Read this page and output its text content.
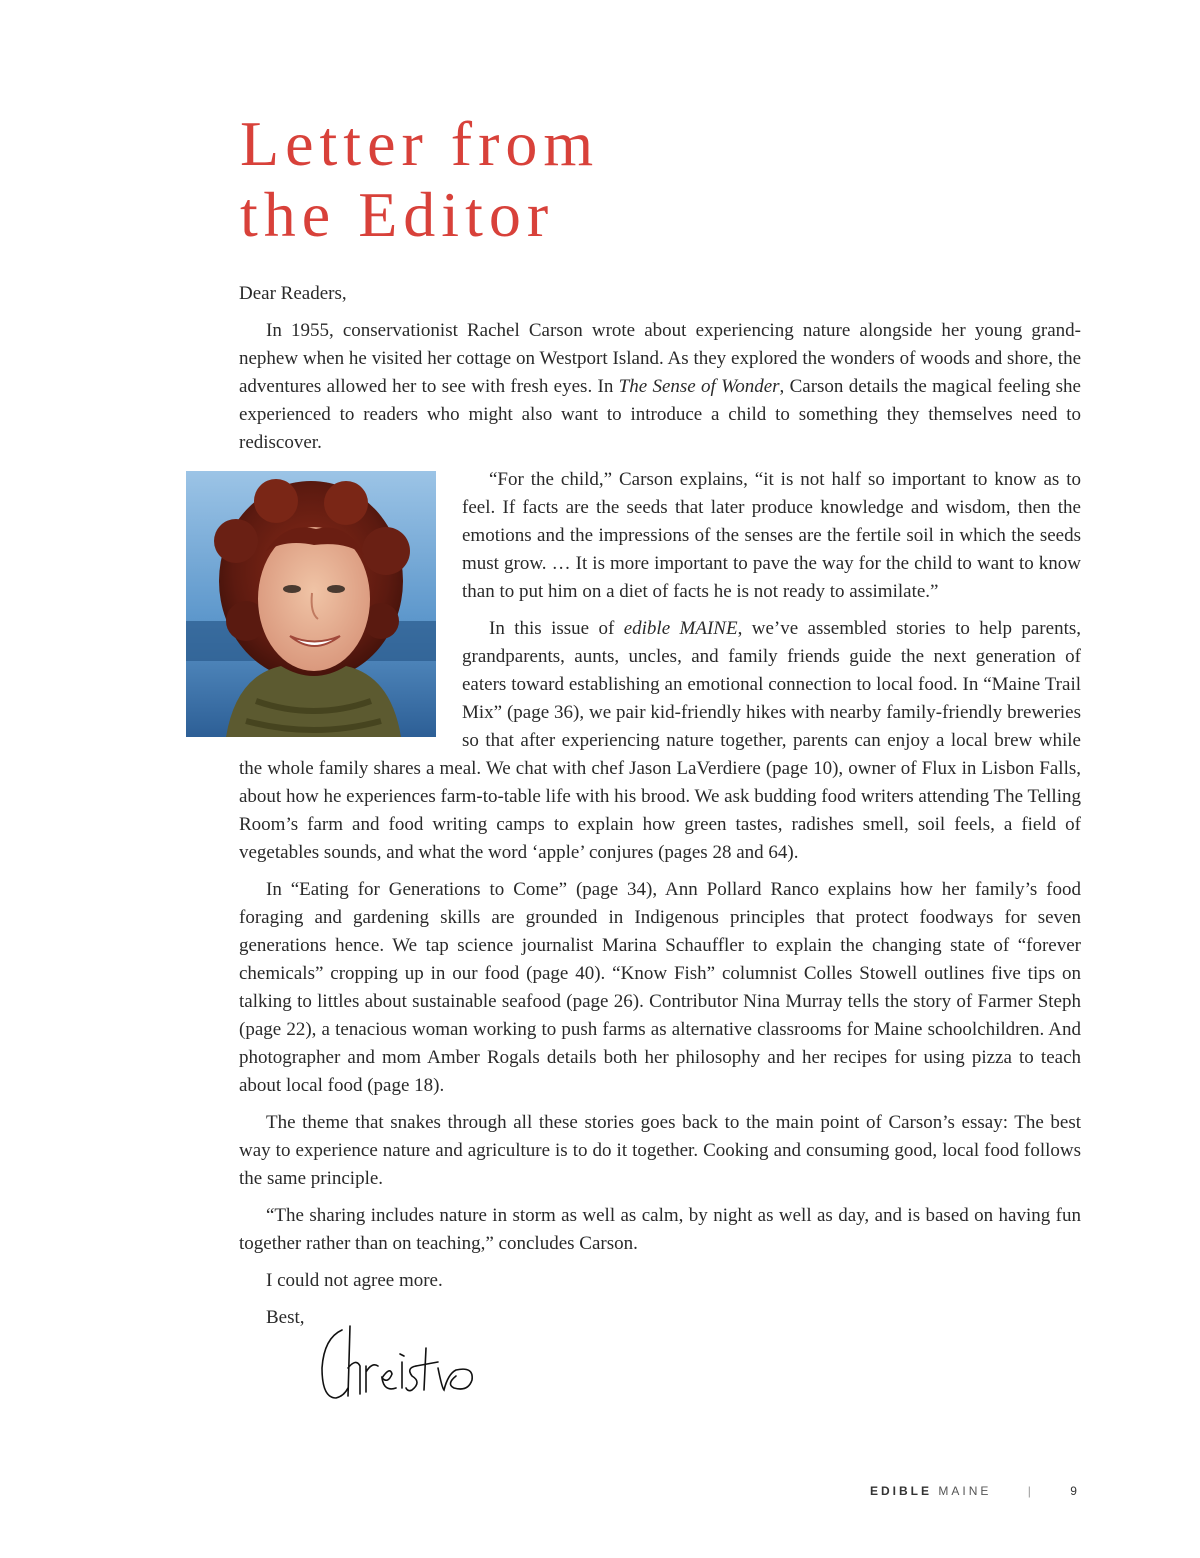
Letter from
the Editor

Dear Readers,

In 1955, conservationist Rachel Carson wrote about experiencing nature alongside her young grand-nephew when he visited her cottage on Westport Island. As they explored the wonders of woods and shore, the adventures allowed her to see with fresh eyes. In The Sense of Wonder, Carson details the magical feeling she experienced to readers who might also want to introduce a child to something they themselves need to rediscover.

“For the child,” Carson explains, “it is not half so important to know as to feel. If facts are the seeds that later produce knowledge and wisdom, then the emotions and the impressions of the senses are the fertile soil in which the seeds must grow. … It is more important to pave the way for the child to want to know than to put him on a diet of facts he is not ready to assimilate.”

In this issue of edible MAINE, we’ve assembled stories to help parents, grandparents, aunts, uncles, and family friends guide the next generation of eaters toward establishing an emotional connection to local food. In “Maine Trail Mix” (page 36), we pair kid-friendly hikes with nearby family-friendly breweries so that after experiencing nature together, parents can enjoy a local brew while the whole family shares a meal. We chat with chef Jason LaVerdiere (page 10), owner of Flux in Lisbon Falls, about how he experiences farm-to-table life with his brood. We ask budding food writers attending The Telling Room’s farm and food writing camps to explain how green tastes, radishes smell, soil feels, a field of vegetables sounds, and what the word ‘apple’ conjures (pages 28 and 64).

In “Eating for Generations to Come” (page 34), Ann Pollard Ranco explains how her family’s food foraging and gardening skills are grounded in Indigenous principles that protect foodways for seven generations hence. We tap science journalist Marina Schauffler to explain the changing state of “forever chemicals” cropping up in our food (page 40). “Know Fish” columnist Colles Stowell outlines five tips on talking to littles about sustainable seafood (page 26). Contributor Nina Murray tells the story of Farmer Steph (page 22), a tenacious woman working to push farms as alternative classrooms for Maine schoolchildren. And photographer and mom Amber Rogals details both her philosophy and her recipes for using pizza to teach about local food (page 18).

The theme that snakes through all these stories goes back to the main point of Carson’s essay: The best way to experience nature and agriculture is to do it together. Cooking and consuming good, local food follows the same principle.

“The sharing includes nature in storm as well as calm, by night as well as day, and is based on having fun together rather than on teaching,” concludes Carson.

I could not agree more.

Best,

EDIBLE MAINE	|	9
